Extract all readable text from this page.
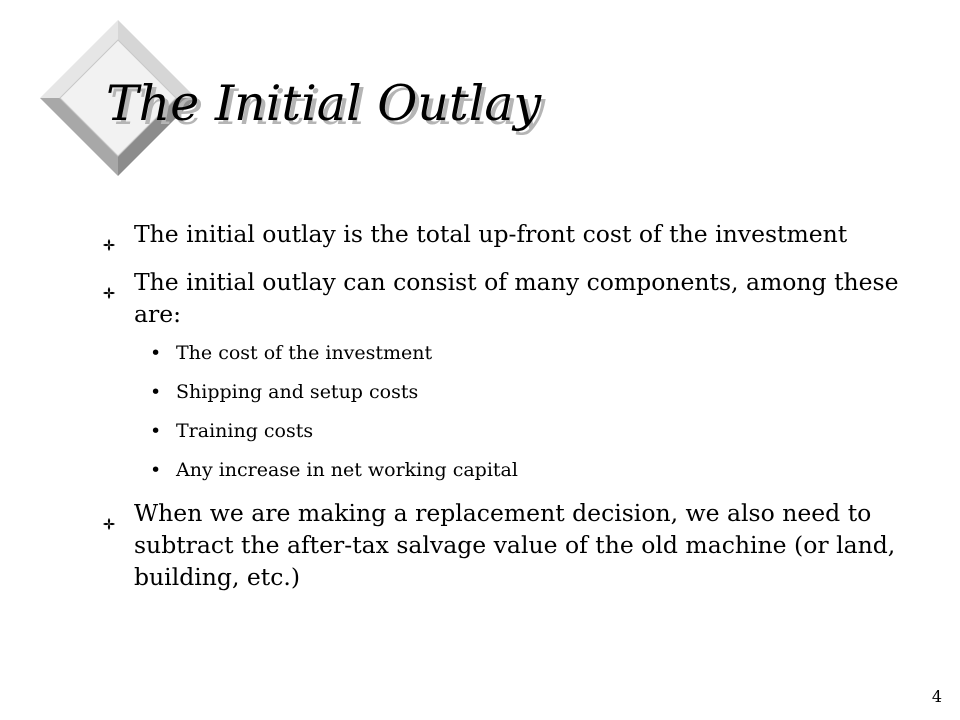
The Initial Outlay
The initial outlay is the total up-front cost of the investment
The initial outlay can consist of many components, among these are:
• The cost of the investment
• Shipping and setup costs
• Training costs
• Any increase in net working capital
When we are making a replacement decision, we also need to subtract the after-tax salvage value of the old machine (or land, building, etc.)
4
